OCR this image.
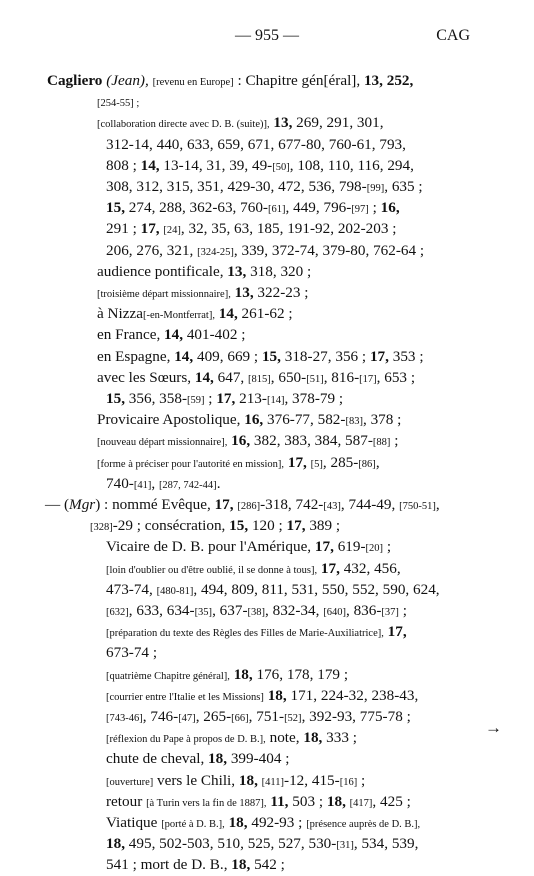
— 955 —	CAG
Cagliero (Jean), [revenu en Europe] : Chapitre gén[éral], 13, 252,
[254-55] ;
[collaboration directe avec D. B. (suite)], 13, 269, 291, 301,
312-14, 440, 633, 659, 671, 677-80, 760-61, 793,
808 ; 14, 13-14, 31, 39, 49-[50], 108, 110, 116, 294,
308, 312, 315, 351, 429-30, 472, 536, 798-[99], 635 ;
15, 274, 288, 362-63, 760-[61], 449, 796-[97] ; 16,
291 ; 17, [24], 32, 35, 63, 185, 191-92, 202-203 ;
206, 276, 321, [324-25], 339, 372-74, 379-80, 762-64 ;
audience pontificale, 13, 318, 320 ;
[troisième départ missionnaire], 13, 322-23 ;
à Nizza[-en-Montferrat], 14, 261-62 ;
en France, 14, 401-402 ;
en Espagne, 14, 409, 669 ; 15, 318-27, 356 ; 17, 353 ;
avec les Sœurs, 14, 647, [815], 650-[51], 816-[17], 653 ;
15, 356, 358-[59] ; 17, 213-[14], 378-79 ;
Provicaire Apostolique, 16, 376-77, 582-[83], 378 ;
[nouveau départ missionnaire], 16, 382, 383, 384, 587-[88] ;
[forme à préciser pour l'autorité en mission], 17, [5], 285-[86],
740-[41], [287, 742-44].
— (Mgr) : nommé Evêque, 17, [286]-318, 742-[43], 744-49, [750-51],
[328]-29 ; consécration, 15, 120 ; 17, 389 ;
Vicaire de D. B. pour l'Amérique, 17, 619-[20] ;
[loin d'oublier ou d'être oublié, il se donne à tous], 17, 432, 456,
473-74, [480-81], 494, 809, 811, 531, 550, 552, 590, 624,
[632], 633, 634-[35], 637-[38], 832-34, [640], 836-[37] ;
[préparation du texte des Règles des Filles de Marie-Auxiliatrice], 17,
673-74 ;
[quatrième Chapitre général], 18, 176, 178, 179 ;
[courrier entre l'Italie et les Missions] 18, 171, 224-32, 238-43,
[743-46], 746-[47], 265-[66], 751-[52], 392-93, 775-78 ;
[réflexion du Pape à propos de D. B.], note, 18, 333 ;
chute de cheval, 18, 399-404 ;
[ouverture] vers le Chili, 18, [411]-12, 415-[16] ;
retour [à Turin vers la fin de 1887], 11, 503 ; 18, [417], 425 ;
Viatique [porté à D. B.], 18, 492-93 ; [présence auprès de D. B.],
18, 495, 502-503, 510, 525, 527, 530-[31], 534, 539,
541 ; mort de D. B., 18, 542 ;
→
